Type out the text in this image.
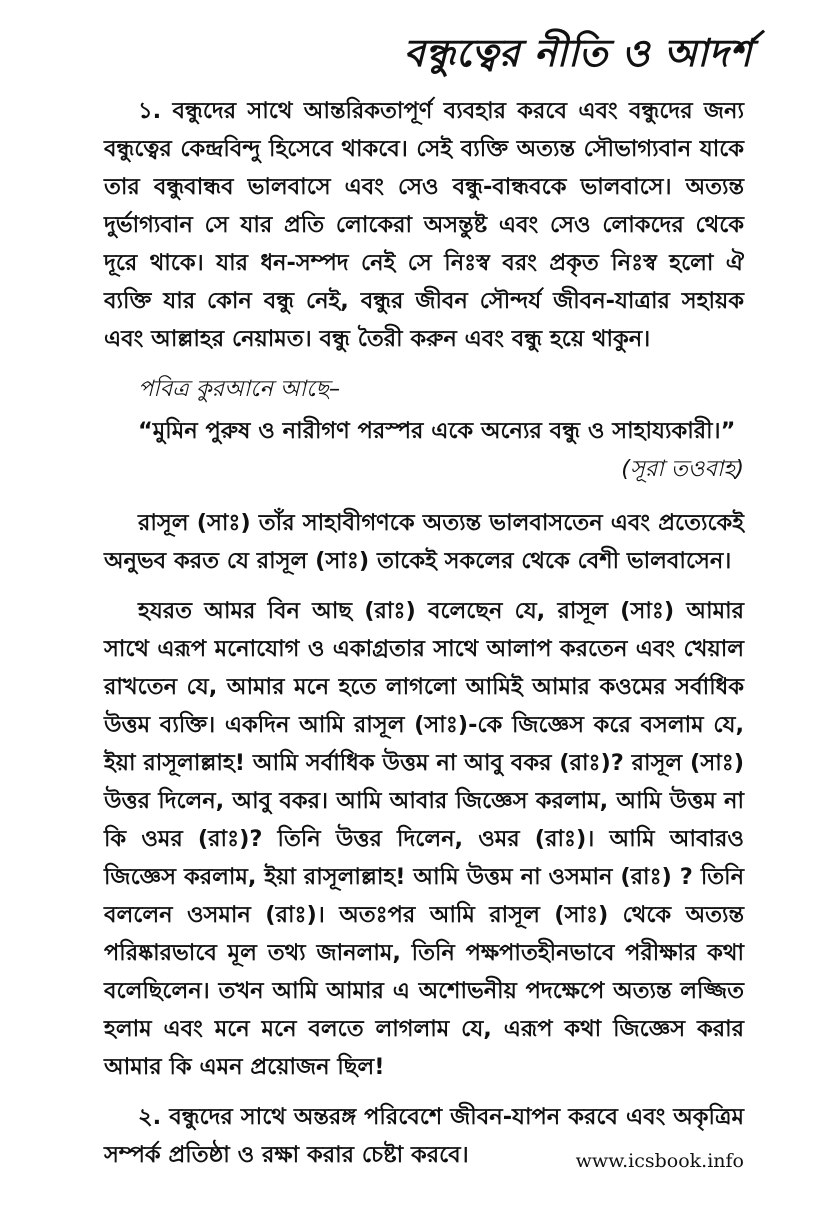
বন্ধুত্বের নীতি ও আদর্শ

১. বন্ধুদের সাথে আন্তরিকতাপূর্ণ ব্যবহার করবে এবং বন্ধুদের জন্য বন্ধুত্বের কেন্দ্রবিন্দু হিসেবে থাকবে। সেই ব্যক্তি অত্যন্ত সৌভাগ্যবান যাকে তার বন্ধুবান্ধব ভালবাসে এবং সেও বন্ধু-বান্ধবকে ভালবাসে। অত্যন্ত দুর্ভাগ্যবান সে যার প্রতি লোকেরা অসন্তুষ্ট এবং সেও লোকদের থেকে দূরে থাকে। যার ধন-সম্পদ নেই সে নিঃস্ব বরং প্রকৃত নিঃস্ব হলো ঐ ব্যক্তি যার কোন বন্ধু নেই, বন্ধুর জীবন সৌন্দর্য জীবন-যাত্রার সহায়ক এবং আল্লাহর নেয়ামত। বন্ধু তৈরী করুন এবং বন্ধু হয়ে থাকুন।

পবিত্র কুরআনে আছে–

“মুমিন পুরুষ ও নারীগণ পরস্পর একে অন্যের বন্ধু ও সাহায্যকারী।”

(সূরা তওবাহ)

রাসূল (সাঃ) তাঁর সাহাবীগণকে অত্যন্ত ভালবাসতেন এবং প্রত্যেকেই অনুভব করত যে রাসূল (সাঃ) তাকেই সকলের থেকে বেশী ভালবাসেন।

হযরত আমর বিন আছ (রাঃ) বলেছেন যে, রাসূল (সাঃ) আমার সাথে এরূপ মনোযোগ ও একাগ্রতার সাথে আলাপ করতেন এবং খেয়াল রাখতেন যে, আমার মনে হতে লাগলো আমিই আমার কওমের সর্বাধিক উত্তম ব্যক্তি। একদিন আমি রাসূল (সাঃ)-কে জিজ্ঞেস করে বসলাম যে, ইয়া রাসূলাল্লাহ! আমি সর্বাধিক উত্তম না আবু বকর (রাঃ)? রাসূল (সাঃ) উত্তর দিলেন, আবু বকর। আমি আবার জিজ্ঞেস করলাম, আমি উত্তম না কি ওমর (রাঃ)? তিনি উত্তর দিলেন, ওমর (রাঃ)। আমি আবারও জিজ্ঞেস করলাম, ইয়া রাসূলাল্লাহ! আমি উত্তম না ওসমান (রাঃ) ? তিনি বললেন ওসমান (রাঃ)। অতঃপর আমি রাসূল (সাঃ) থেকে অত্যন্ত পরিষ্কারভাবে মূল তথ্য জানলাম, তিনি পক্ষপাতহীনভাবে পরীক্ষার কথা বলেছিলেন। তখন আমি আমার এ অশোভনীয় পদক্ষেপে অত্যন্ত লজ্জিত হলাম এবং মনে মনে বলতে লাগলাম যে, এরূপ কথা জিজ্ঞেস করার আমার কি এমন প্রয়োজন ছিল!

২. বন্ধুদের সাথে অন্তরঙ্গ পরিবেশে জীবন-যাপন করবে এবং অকৃত্রিম সম্পর্ক প্রতিষ্ঠা ও রক্ষা করার চেষ্টা করবে।	www.icsbook.info
